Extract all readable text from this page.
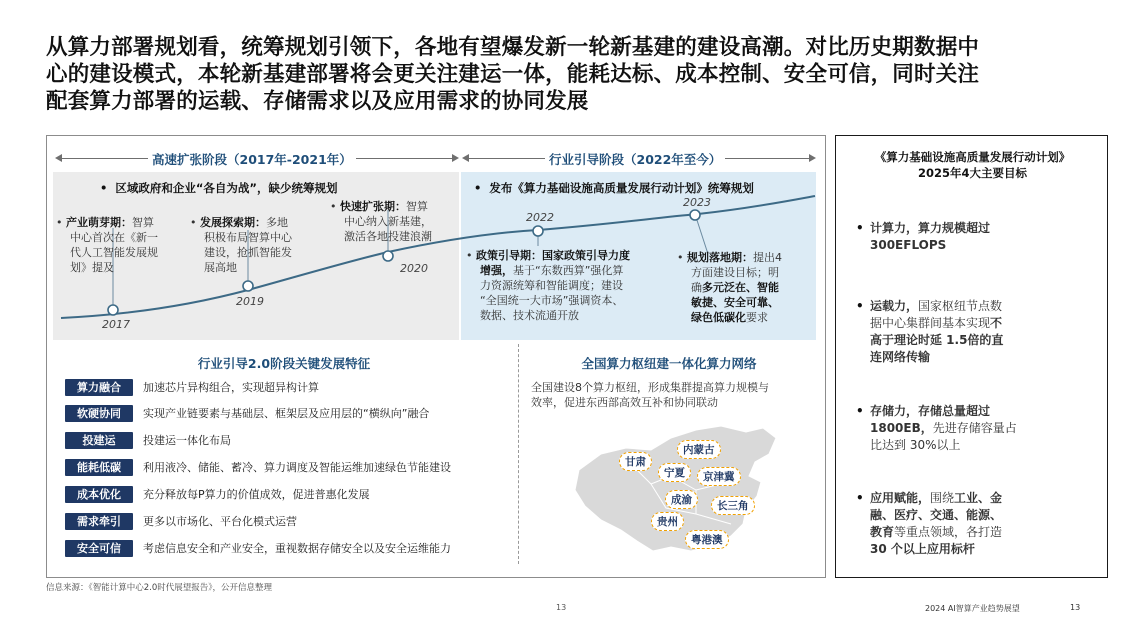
从算力部署规划看，统筹规划引领下，各地有望爆发新一轮新基建的建设高潮。对比历史期数据中
心的建设模式，本轮新基建部署将会更关注建运一体，能耗达标、成本控制、安全可信，同时关注
配套算力部署的运载、存储需求以及应用需求的协同发展
高速扩张阶段（2017年-2021年）	行业引导阶段（2022年至今）
•  区域政府和企业“各自为战”，缺少统筹规划	•  发布《算力基础设施高质量发展行动计划》统筹规划
2017
2019
2020
2022
2023
• 产业萌芽期：智算
中心首次在《新一
代人工智能发展规
划》提及
• 发展探索期：多地
积极布局智算中心
建设，抢抓智能发
展高地
• 快速扩张期：智算
中心纳入新基建，
激活各地投建浪潮
• 政策引导期：国家政策引导力度
增强，基于“东数西算”强化算
力资源统筹和智能调度；建设
“全国统一大市场”强调资本、
数据、技术流通开放
• 规划落地期：提出4
方面建设目标；明
确多元泛在、智能
敏捷、安全可靠、
绿色低碳化要求
行业引导2.0阶段关键发展特征
算力融合	加速芯片异构组合，实现超异构计算
软硬协同	实现产业链要素与基础层、框架层及应用层的“横纵向”融合
投建运	投建运一体化布局
能耗低碳	利用液冷、储能、蓄冷、算力调度及智能运维加速绿色节能建设
成本优化	充分释放每P算力的价值成效，促进普惠化发展
需求牵引	更多以市场化、平台化模式运营
安全可信	考虑信息安全和产业安全，重视数据存储安全以及安全运维能力
全国算力枢纽建一体化算力网络
全国建设8个算力枢纽，形成集群提高算力规模与
效率，促进东西部高效互补和协同联动
内蒙古
甘肃
宁夏	京津冀
成渝	长三角
贵州
粤港澳
《算力基础设施高质量发展行动计划》
2025年4大主要目标
• 计算力，算力规模超过
300EFLOPS
• 运载力，国家枢纽节点数
据中心集群间基本实现不
高于理论时延 1.5倍的直
连网络传输
• 存储力，存储总量超过
1800EB，先进存储容量占
比达到 30%以上
• 应用赋能，围绕工业、金
融、医疗、交通、能源、
教育等重点领域，各打造
30 个以上应用标杆
信息来源：《智能计算中心2.0时代展望报告》，公开信息整理
13	2024 AI智算产业趋势展望	13
